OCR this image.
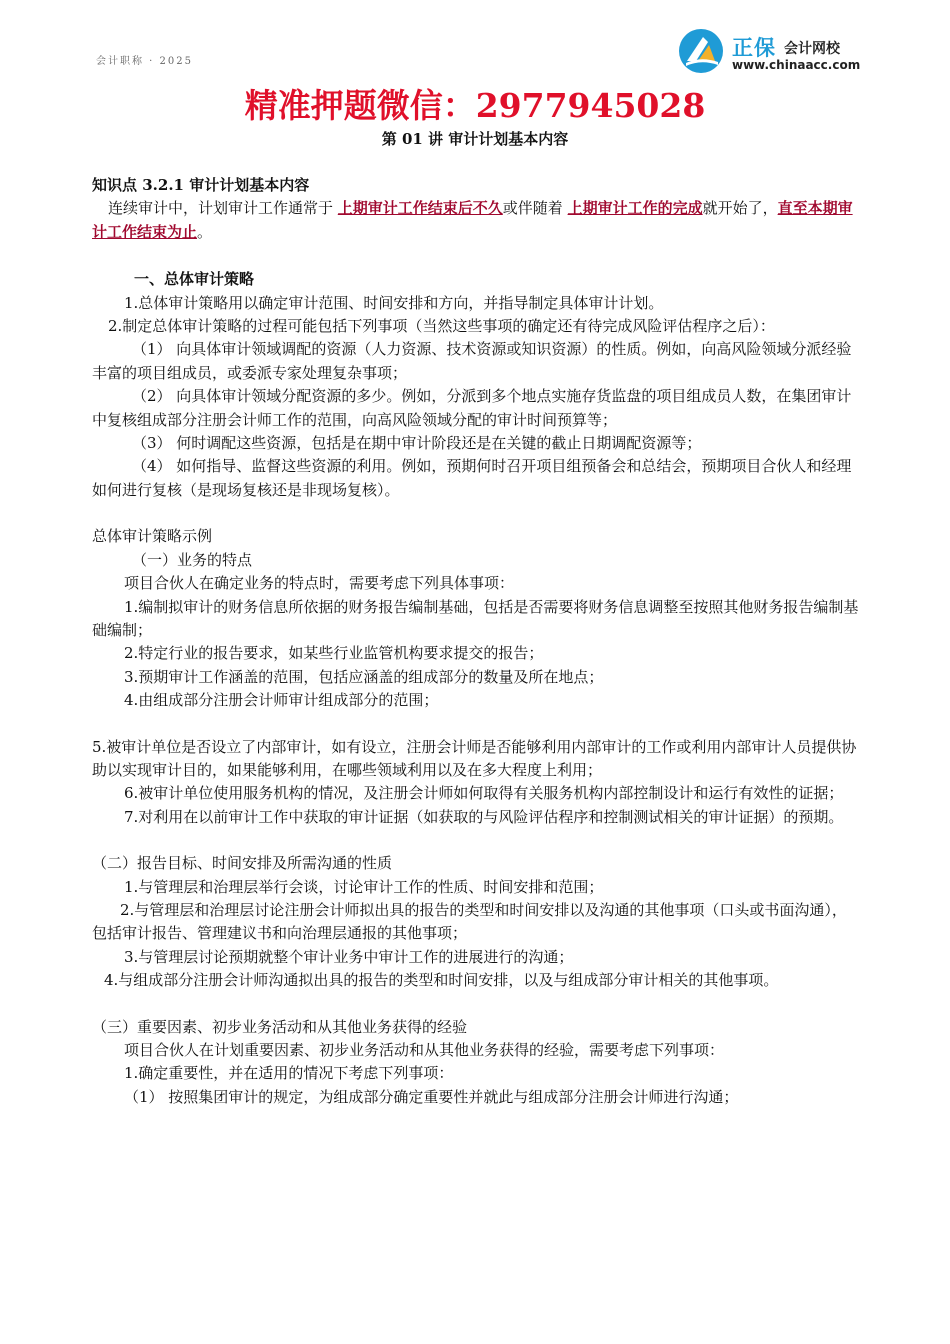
会计职称 · 2025
正保 会计网校
www.chinaacc.com
精准押题微信：2977945028
第 01 讲 审计计划基本内容

知识点 3.2.1 审计计划基本内容

连续审计中，计划审计工作通常于 上期审计工作结束后不久或伴随着 上期审计工作的完成就开始了，直至本期审计工作结束为止。

一、总体审计策略

1.总体审计策略用以确定审计范围、时间安排和方向，并指导制定具体审计计划。

2.制定总体审计策略的过程可能包括下列事项（当然这些事项的确定还有待完成风险评估程序之后）：

（1） 向具体审计领域调配的资源（人力资源、技术资源或知识资源）的性质。例如，向高风险领域分派经验丰富的项目组成员，或委派专家处理复杂事项；

（2） 向具体审计领域分配资源的多少。例如，分派到多个地点实施存货监盘的项目组成员人数，在集团审计中复核组成部分注册会计师工作的范围，向高风险领域分配的审计时间预算等；

（3） 何时调配这些资源，包括是在期中审计阶段还是在关键的截止日期调配资源等；

（4） 如何指导、监督这些资源的利用。例如，预期何时召开项目组预备会和总结会，预期项目合伙人和经理如何进行复核（是现场复核还是非现场复核）。

总体审计策略示例

（一）业务的特点

项目合伙人在确定业务的特点时，需要考虑下列具体事项：

1.编制拟审计的财务信息所依据的财务报告编制基础，包括是否需要将财务信息调整至按照其他财务报告编制基础编制；

2.特定行业的报告要求，如某些行业监管机构要求提交的报告；

3.预期审计工作涵盖的范围，包括应涵盖的组成部分的数量及所在地点；

4.由组成部分注册会计师审计组成部分的范围；

5.被审计单位是否设立了内部审计，如有设立，注册会计师是否能够利用内部审计的工作或利用内部审计人员提供协助以实现审计目的，如果能够利用，在哪些领域利用以及在多大程度上利用；

6.被审计单位使用服务机构的情况，及注册会计师如何取得有关服务机构内部控制设计和运行有效性的证据；

7.对利用在以前审计工作中获取的审计证据（如获取的与风险评估程序和控制测试相关的审计证据）的预期。

（二）报告目标、时间安排及所需沟通的性质

1.与管理层和治理层举行会谈，讨论审计工作的性质、时间安排和范围；

2.与管理层和治理层讨论注册会计师拟出具的报告的类型和时间安排以及沟通的其他事项（口头或书面沟通），包括审计报告、管理建议书和向治理层通报的其他事项；

3.与管理层讨论预期就整个审计业务中审计工作的进展进行的沟通；

4.与组成部分注册会计师沟通拟出具的报告的类型和时间安排，以及与组成部分审计相关的其他事项。

（三）重要因素、初步业务活动和从其他业务获得的经验

项目合伙人在计划重要因素、初步业务活动和从其他业务获得的经验，需要考虑下列事项：

1.确定重要性，并在适用的情况下考虑下列事项：

（1） 按照集团审计的规定，为组成部分确定重要性并就此与组成部分注册会计师进行沟通；
